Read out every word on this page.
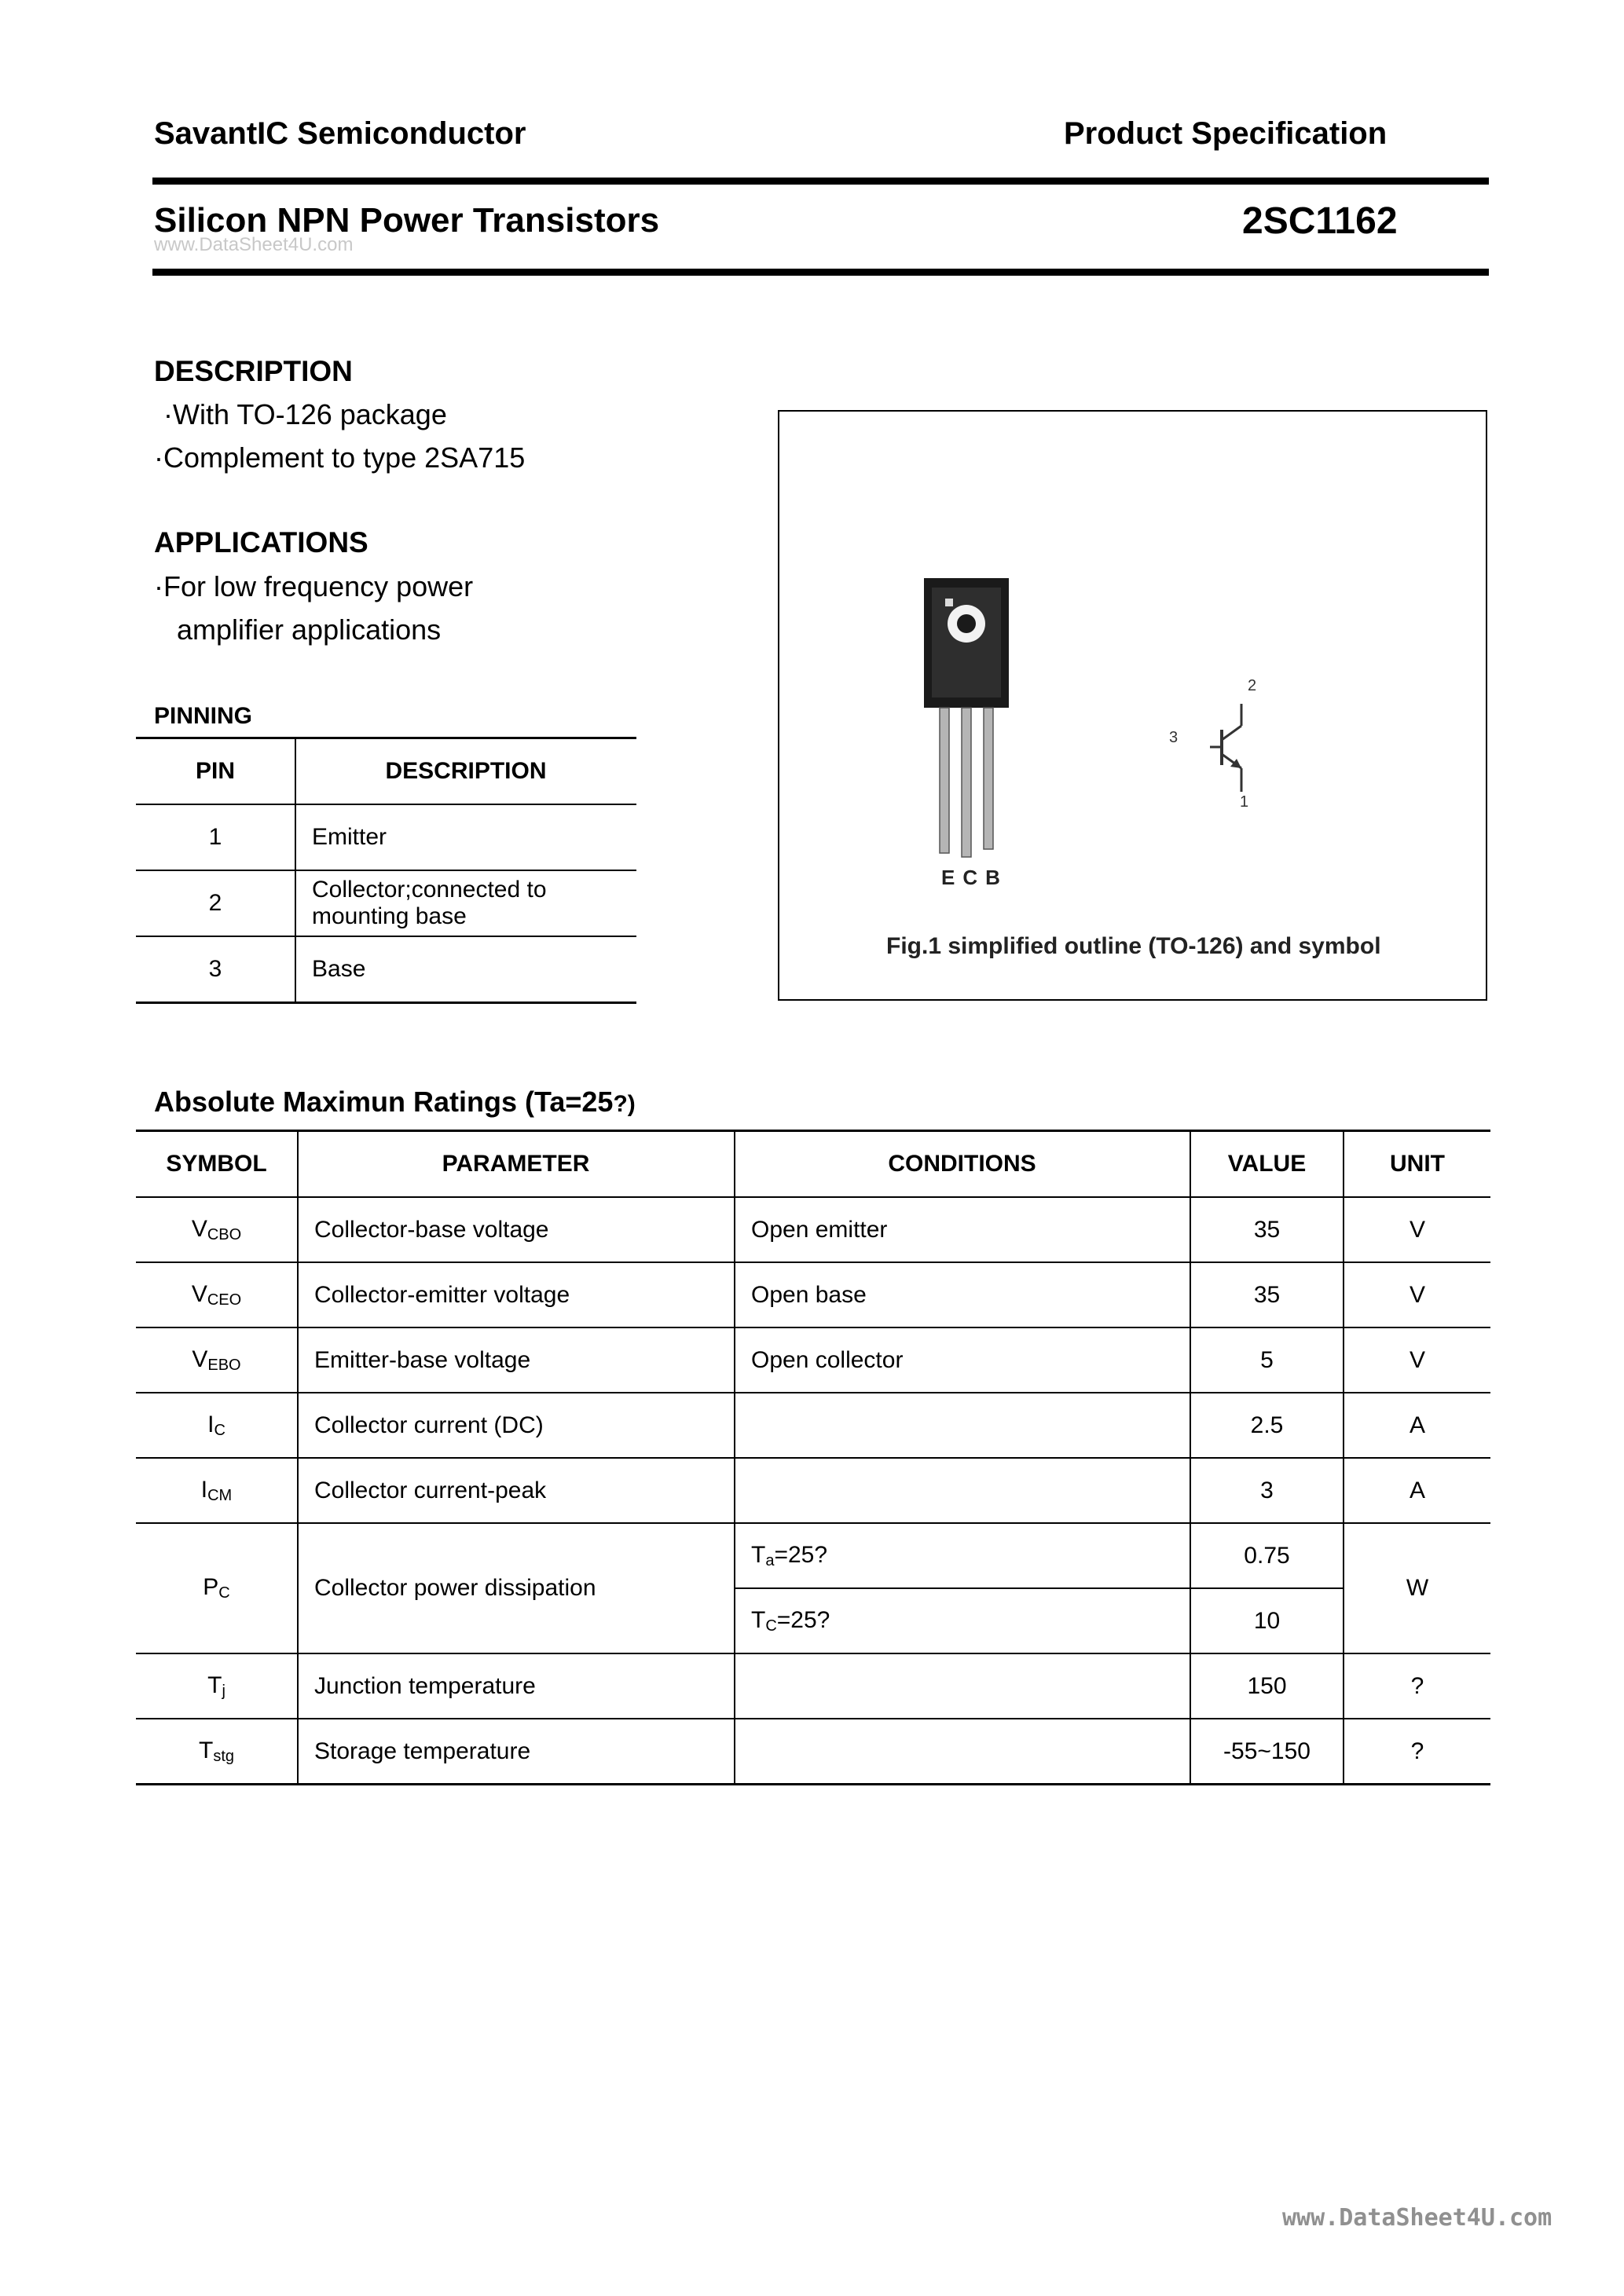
SavantIC Semiconductor	Product Specification
Silicon NPN Power Transistors
www.DataSheet4U.com
2SC1162
DESCRIPTION
·With TO-126 package
·Complement to type 2SA715
APPLICATIONS
·For low frequency power
amplifier applications
PINNING
PIN	DESCRIPTION
1	Emitter
2	Collector;connected to
mounting base

3	Base
2
3
1
ECB
Fig.1 simplified outline (TO-126) and symbol
Absolute Maximun Ratings (Ta=25?)
SYMBOL	PARAMETER	CONDITIONS	VALUE	UNIT
$V_{CBO}$	Collector-base voltage	Open emitter	35	V
$V_{CEO}$	Collector-emitter voltage	Open base	35	V
$V_{EBO}$	Emitter-base voltage	Open collector	5	V
$I_C$	Collector current (DC)		2.5	A
$I_{CM}$	Collector current-peak		3	A
$P_C$	Collector power dissipation	$T_a=25$?	0.75	W
		$T_C=25$?	10	
$T_j$	Junction temperature		150	?
$T_{stg}$	Storage temperature		-55~150	?
www.DataSheet4U.com
